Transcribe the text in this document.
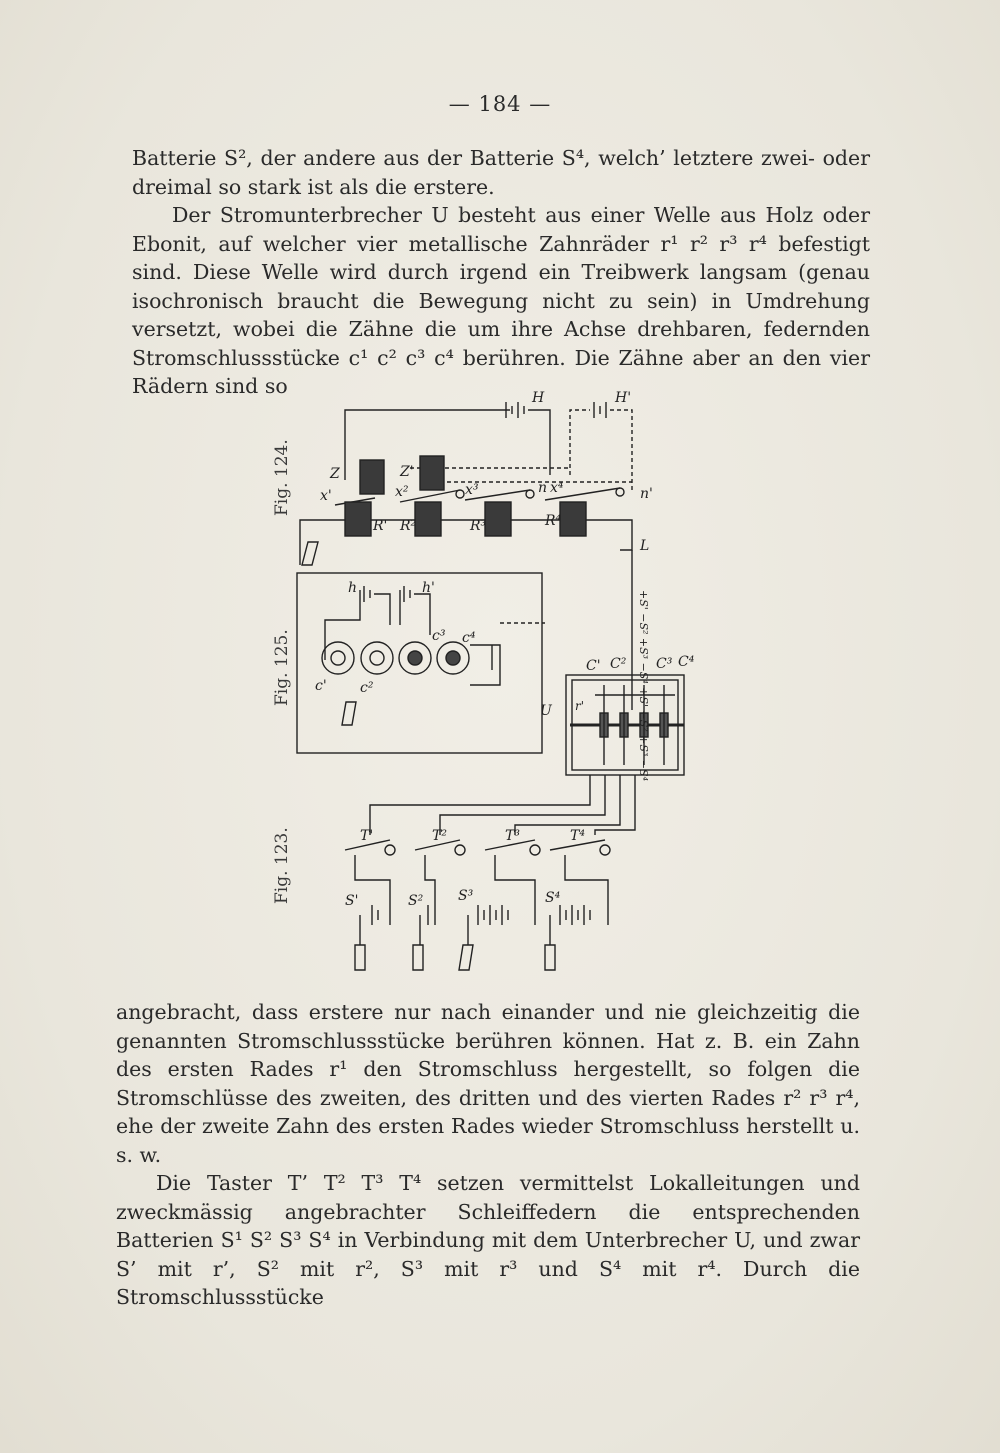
— 184 —

Batterie S², der andere aus der Batterie S⁴, welch’ letztere zwei- oder dreimal so stark ist als die erstere.

Der Stromunterbrecher U besteht aus einer Welle aus Holz oder Ebonit, auf welcher vier metallische Zahnräder r¹ r² r³ r⁴ befestigt sind. Diese Welle wird durch irgend ein Treibwerk langsam (genau isochronisch braucht die Bewegung nicht zu sein) in Umdrehung versetzt, wobei die Zähne die um ihre Achse drehbaren, federnden Stromschlussstücke c¹ c² c³ c⁴ berühren. Die Zähne aber an den vier Rädern sind so

Fig. 124.
Fig. 125.
Fig. 123.
H	H'
Z	Z'
x'	x²	x³	n x⁴	n'
R' R²	R³	R⁴
L
+S' −S² +S³ −S⁴ +S' −S² +S³ −S⁴
h	h'
c³ c⁴
c' c²
C' C² C³ C⁴
U r'
T'	T²	T³	T⁴
S'	S² S³	S⁴

angebracht, dass erstere nur nach einander und nie gleichzeitig die genannten Stromschlussstücke berühren können. Hat z. B. ein Zahn des ersten Rades r¹ den Stromschluss hergestellt, so folgen die Stromschlüsse des zweiten, des dritten und des vierten Rades r² r³ r⁴, ehe der zweite Zahn des ersten Rades wieder Stromschluss herstellt u. s. w.

Die Taster T’ T² T³ T⁴ setzen vermittelst Lokalleitungen und zweckmässig angebrachter Schleiffedern die entsprechenden Batterien S¹ S² S³ S⁴ in Verbindung mit dem Unterbrecher U, und zwar S’ mit r’, S² mit r², S³ mit r³ und S⁴ mit r⁴. Durch die Stromschlussstücke
